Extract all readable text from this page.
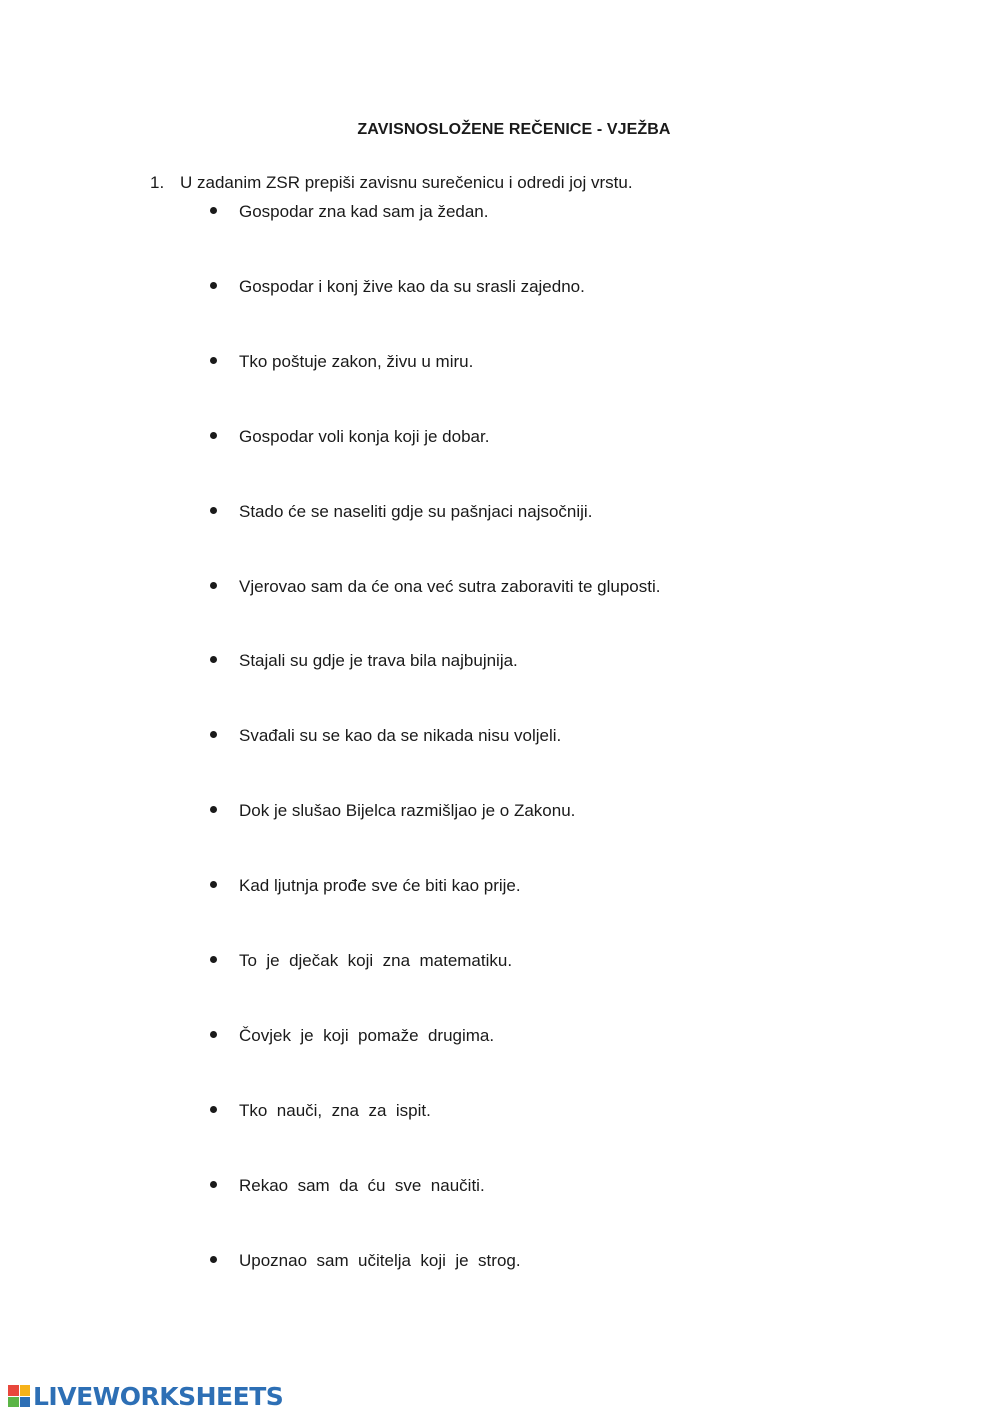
ZAVISNOSLOŽENE REČENICE - VJEŽBA
1. U zadanim ZSR prepiši zavisnu surečenicu i odredi joj vrstu.
Gospodar zna kad sam ja žedan.
Gospodar i konj žive kao da su srasli zajedno.
Tko poštuje zakon, živu u miru.
Gospodar voli konja koji je dobar.
Stado će se naseliti gdje su pašnjaci najsočniji.
Vjerovao sam da će ona već sutra zaboraviti te gluposti.
Stajali su gdje je trava bila najbujnija.
Svađali su se kao da se nikada nisu voljeli.
Dok je slušao Bijelca razmišljao je o Zakonu.
Kad ljutnja prođe sve će biti kao prije.
To  je  dječak  koji  zna  matematiku.
Čovjek  je  koji  pomaže  drugima.
Tko  nauči,  zna  za  ispit.
Rekao  sam  da  ću  sve  naučiti.
Upoznao  sam  učitelja  koji  je  strog.
LIVEWORKSHEETS
